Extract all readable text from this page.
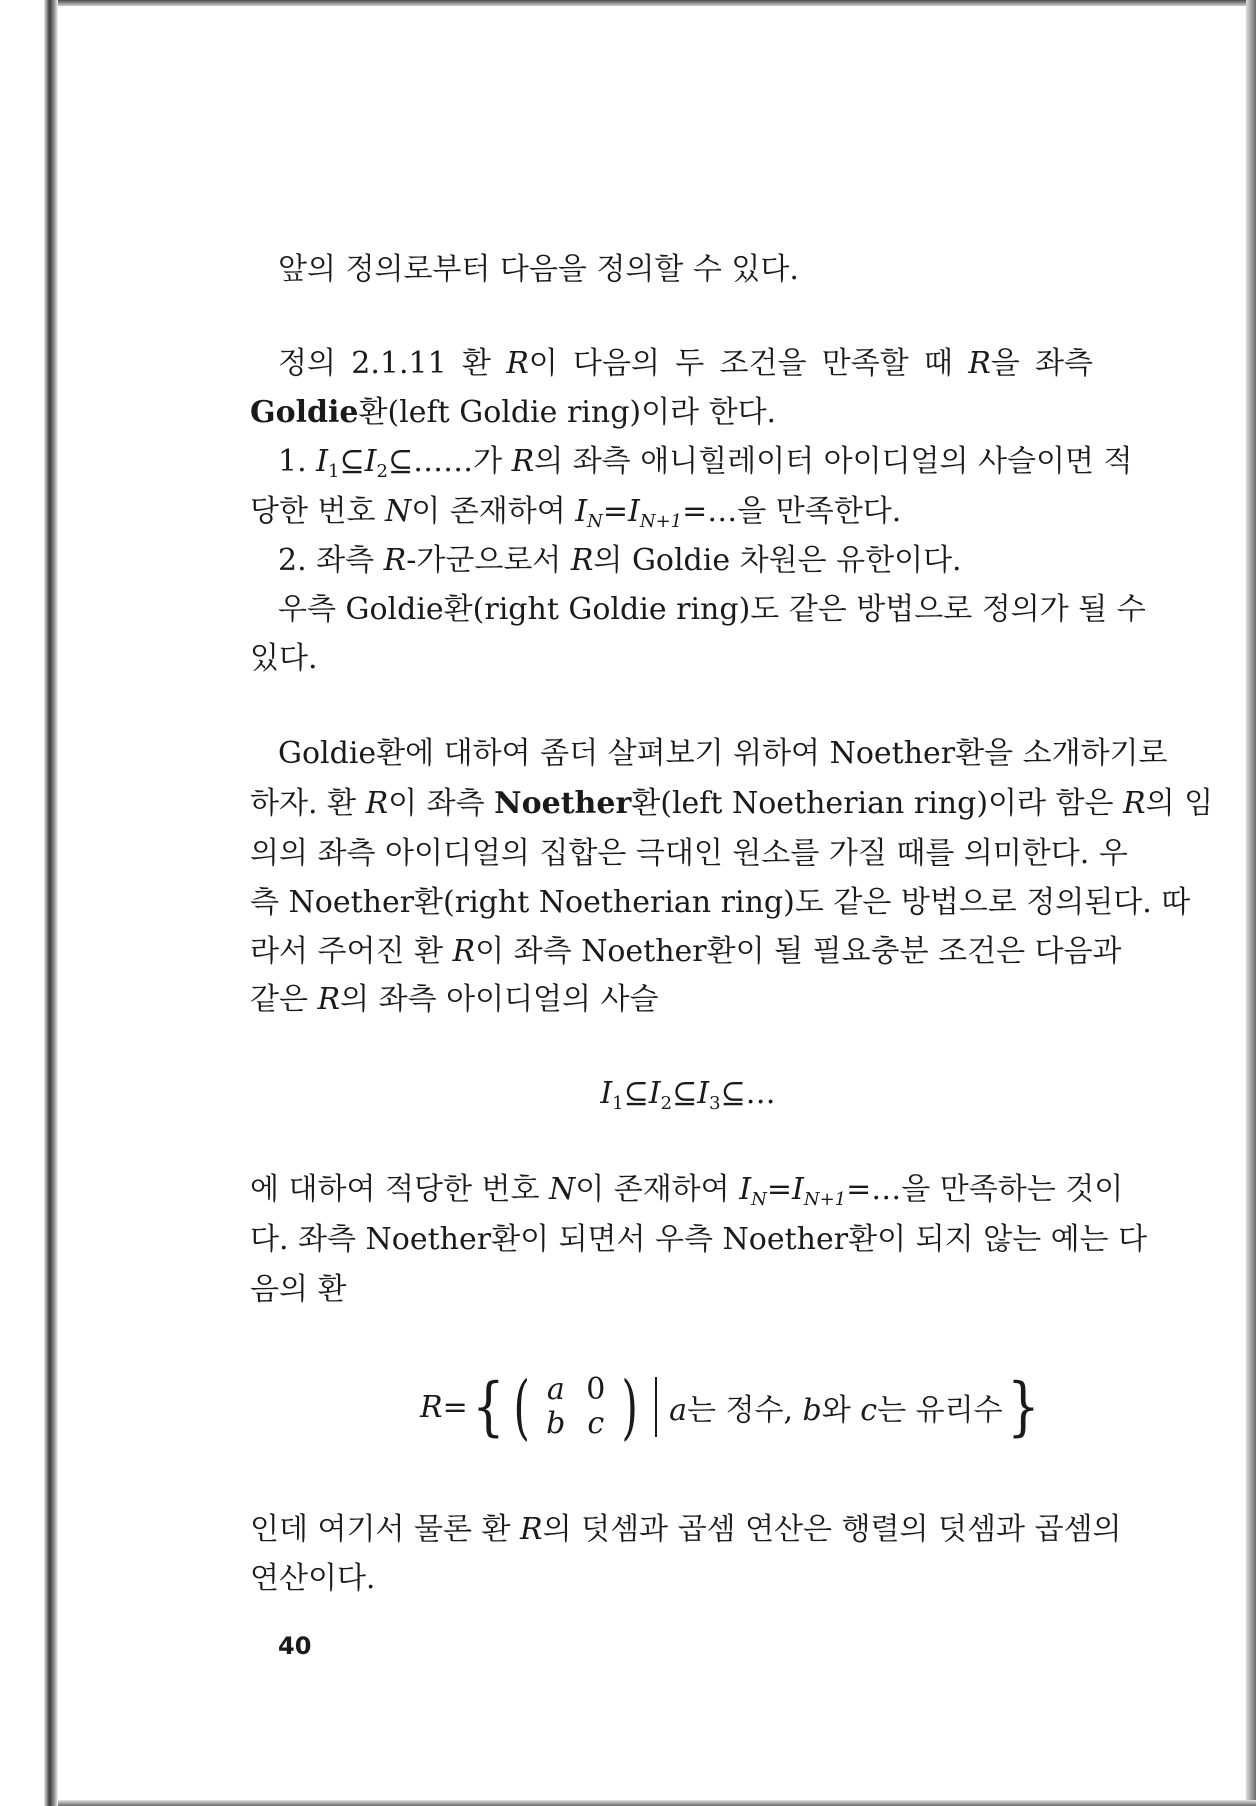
앞의 정의로부터 다음을 정의할 수 있다.
정의 2.1.11 환 R이 다음의 두 조건을 만족할 때 R을 좌측
Goldie환(left Goldie ring)이라 한다.
1. $I_1⊆I_2⊆\dots\dots$가 R의 좌측 애니힐레이터 아이디얼의 사슬이면 적
당한 번호 N이 존재하여 $I_N=I_{N+1}=\dots$을 만족한다.
2. 좌측 R-가군으로서 R의 Goldie 차원은 유한이다.
우측 Goldie환(right Goldie ring)도 같은 방법으로 정의가 될 수
있다.
Goldie환에 대하여 좀더 살펴보기 위하여 Noether환을 소개하기로
하자. 환 R이 좌측 Noether환(left Noetherian ring)이라 함은 R의 임
의의 좌측 아이디얼의 집합은 극대인 원소를 가질 때를 의미한다. 우
측 Noether환(right Noetherian ring)도 같은 방법으로 정의된다. 따
라서 주어진 환 R이 좌측 Noether환이 될 필요충분 조건은 다음과
같은 R의 좌측 아이디얼의 사슬
$I_1⊆I_2⊆I_3⊆\dots$
에 대하여 적당한 번호 N이 존재하여 $I_N=I_{N+1}=\dots$을 만족하는 것이
다. 좌측 Noether환이 되면서 우측 Noether환이 되지 않는 예는 다
음의 환
R = { ( a 0
b c ) a는 정수, b와 c는 유리수 }
인데 여기서 물론 환 R의 덧셈과 곱셈 연산은 행렬의 덧셈과 곱셈의
연산이다.
40
